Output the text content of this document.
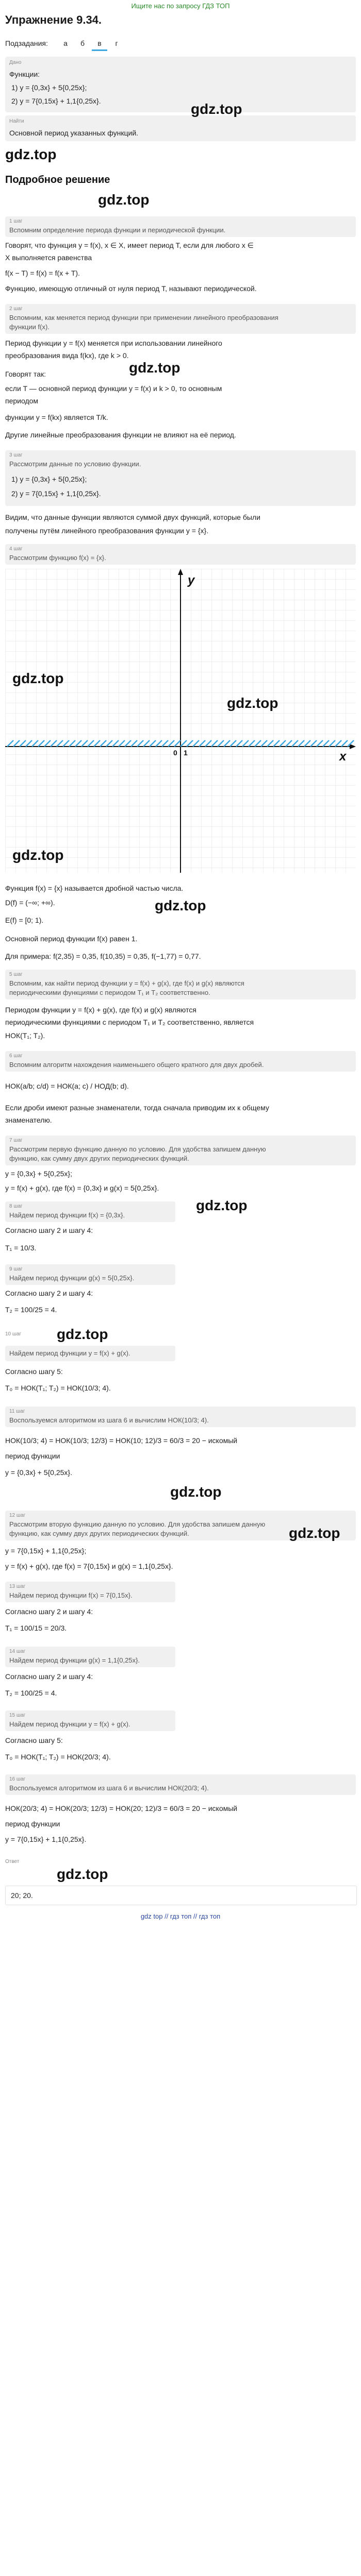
Ищите нас по запросу ГДЗ ТОП
Упражнение 9.34.
Подзадания:	а	б	в	г
Дано
Функции:
1) y = {0,3x} + 5{0,25x};
2) y = 7{0,15x} + 1,1{0,25x}.
Найти
Основной период указанных функций.
gdz.top
gdz.top
Подробное решение
gdz.top
1 шаг
Вспомним определение периода функции и периодической функции.
Говорят, что функция y = f(x), x ∈ X, имеет период T, если для любого x ∈
X выполняется равенства
f(x − T) = f(x) = f(x + T).
Функцию, имеющую отличный от нуля период T, называют периодической.
2 шаг
Вспомним, как меняется период функции при применении линейного преобразования
функции f(x).
Период функции y = f(x) меняется при использовании линейного
преобразования вида f(kx), где k > 0.
Говорят так:
если T — основной период функции y = f(x) и k > 0, то основным
периодом
функции y = f(kx) является T/k.
Другие линейные преобразования функции не влияют на её период.
gdz.top
3 шаг
Рассмотрим данные по условию функции.
1) y = {0,3x} + 5{0,25x};
2) y = 7{0,15x} + 1,1{0,25x}.
Видим, что данные функции являются суммой двух функций, которые были
получены путём линейного преобразования функции y = {x}.
4 шаг
Рассмотрим функцию f(x) = {x}.
y
x
0 1
gdz.top
gdz.top
gdz.top
Функция f(x) = {x} называется дробной частью числа.
gdz.top
D(f) = (−∞; +∞).
E(f) = [0; 1).
Основной период функции f(x) равен 1.
Для примера: f(2,35) = 0,35, f(10,35) = 0,35, f(−1,77) = 0,77.
5 шаг
Вспомним, как найти период функции y = f(x) + g(x), где f(x) и g(x) являются
периодическими функциями с периодом T₁ и T₂ соответственно.
Периодом функции y = f(x) + g(x), где f(x) и g(x) являются
периодическими функциями с периодом T₁ и T₂ соответственно, является
НОК(T₁; T₂).
6 шаг
Вспомним алгоритм нахождения наименьшего общего кратного для двух дробей.
НОК(a/b; c/d) = НОК(a; c) / НОД(b; d).
Если дроби имеют разные знаменатели, тогда сначала приводим их к общему
знаменателю.
7 шаг
Рассмотрим первую функцию данную по условию. Для удобства запишем данную
функцию, как сумму двух других периодических функций.
y = {0,3x} + 5{0,25x};
y = f(x) + g(x), где f(x) = {0,3x} и g(x) = 5{0,25x}.
gdz.top
8 шаг
Найдем период функции f(x) = {0,3x}.
Согласно шагу 2 и шагу 4:
T₁ = 10/3.
9 шаг
Найдем период функции g(x) = 5{0,25x}.
Согласно шагу 2 и шагу 4:
T₂ = 100/25 = 4.
gdz.top
10 шаг
Найдем период функции y = f(x) + g(x).
Согласно шагу 5:
T₀ = НОК(T₁; T₂) = НОК(10/3; 4).
11 шаг
Воспользуемся алгоритмом из шага 6 и вычислим НОК(10/3; 4).
НОК(10/3; 4) = НОК(10/3; 12/3) = НОК(10; 12)/3 = 60/3 = 20 − искомый
период функции
y = {0,3x} + 5{0,25x}.
gdz.top
12 шаг
Рассмотрим вторую функцию данную по условию. Для удобства запишем данную
функцию, как сумму двух других периодических функций.
y = 7{0,15x} + 1,1{0,25x};
y = f(x) + g(x), где f(x) = 7{0,15x} и g(x) = 1,1{0,25x}.
gdz.top
13 шаг
Найдем период функции f(x) = 7{0,15x}.
Согласно шагу 2 и шагу 4:
T₁ = 100/15 = 20/3.
14 шаг
Найдем период функции g(x) = 1,1{0,25x}.
Согласно шагу 2 и шагу 4:
T₂ = 100/25 = 4.
15 шаг
Найдем период функции y = f(x) + g(x).
Согласно шагу 5:
T₀ = НОК(T₁; T₂) = НОК(20/3; 4).
16 шаг
Воспользуемся алгоритмом из шага 6 и вычислим НОК(20/3; 4).
НОК(20/3; 4) = НОК(20/3; 12/3) = НОК(20; 12)/3 = 60/3 = 20 − искомый
период функции
y = 7{0,15x} + 1,1{0,25x}.
Ответ
gdz.top
20; 20.
gdz top // гдз топ // гдз топ
